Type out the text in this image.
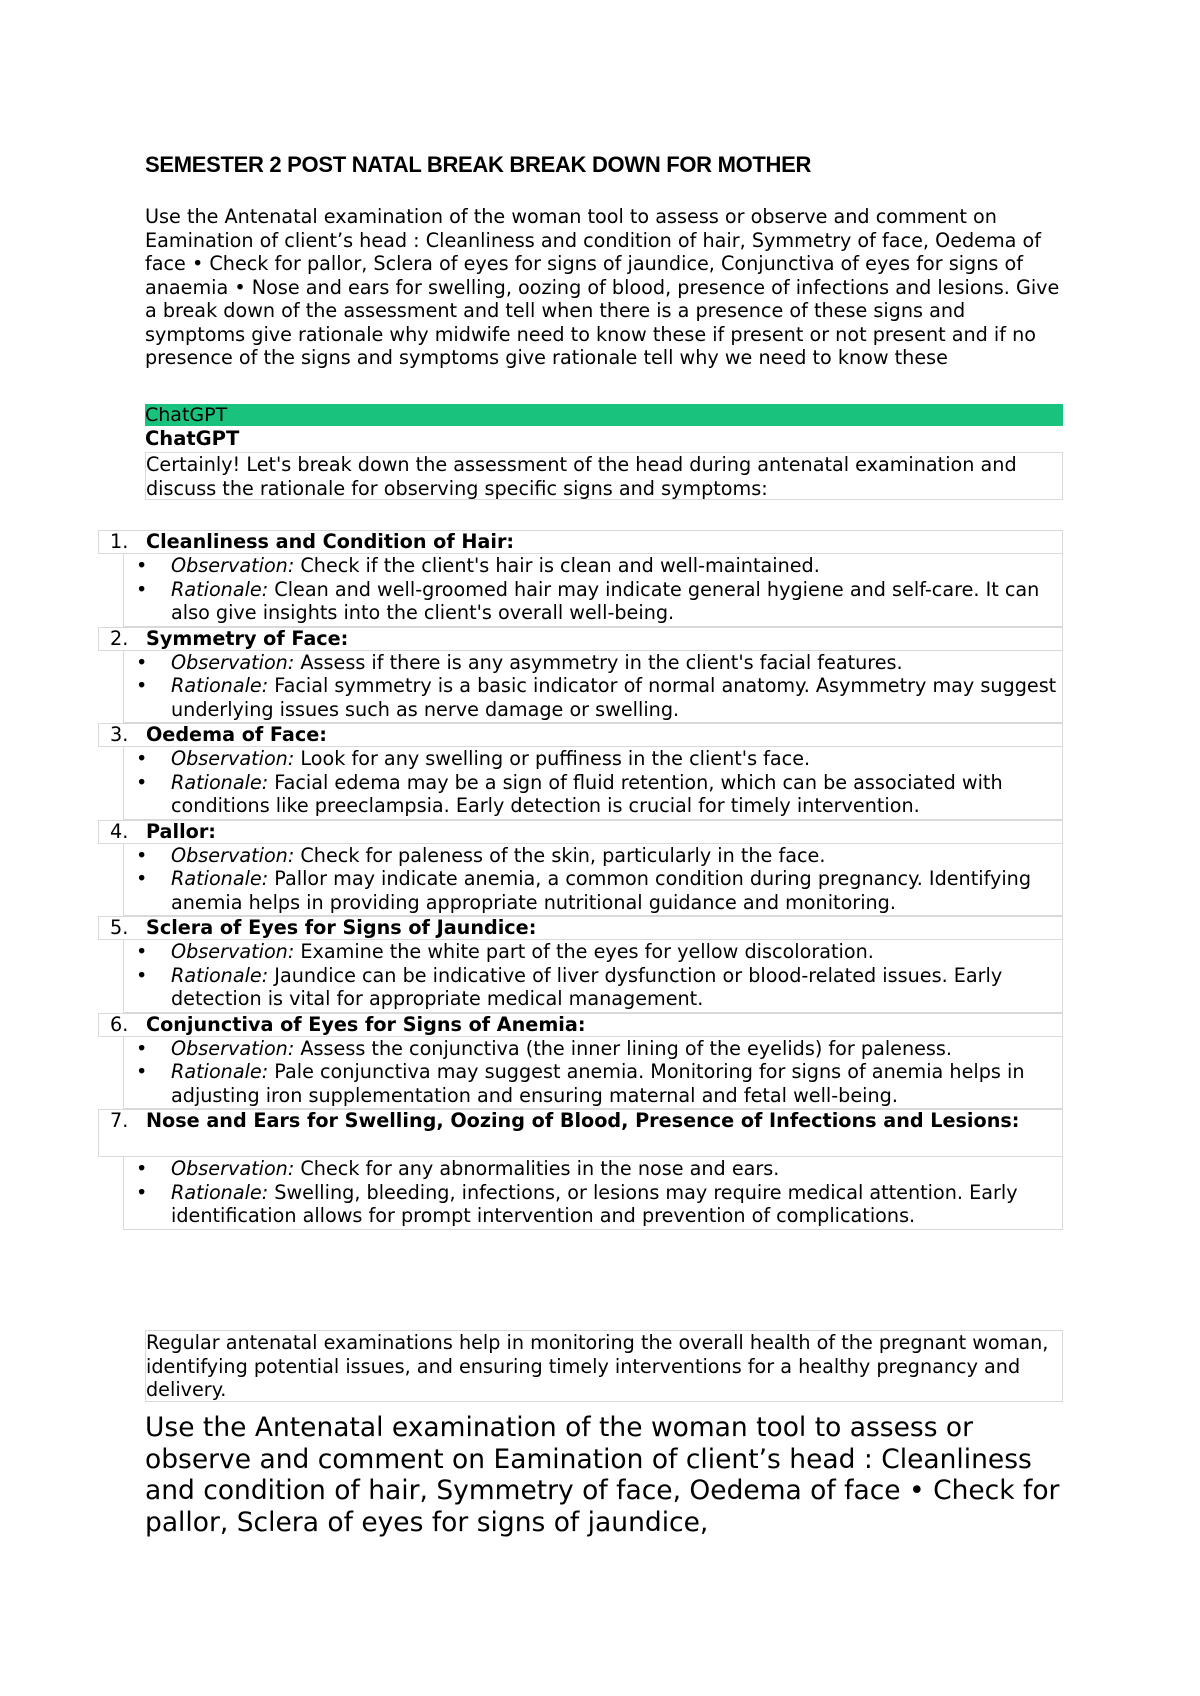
SEMESTER 2 POST NATAL BREAK BREAK DOWN FOR MOTHER
Use the Antenatal examination of the woman tool to assess or observe and comment on Eamination of client’s head : Cleanliness and condition of hair, Symmetry of face, Oedema of face • Check for pallor, Sclera of eyes for signs of jaundice, Conjunctiva of eyes for signs of anaemia • Nose and ears for swelling, oozing of blood, presence of infections and lesions. Give a break down of the assessment and tell when there is a presence of these signs and symptoms give rationale why midwife need to know these if present or not present and if no presence of the signs and symptoms give rationale tell why we need to know these
ChatGPT
ChatGPT
Certainly! Let's break down the assessment of the head during antenatal examination and discuss the rationale for observing specific signs and symptoms:
1. Cleanliness and Condition of Hair:
• Observation: Check if the client's hair is clean and well-maintained.
• Rationale: Clean and well-groomed hair may indicate general hygiene and self-care. It can also give insights into the client's overall well-being.
2. Symmetry of Face:
• Observation: Assess if there is any asymmetry in the client's facial features.
• Rationale: Facial symmetry is a basic indicator of normal anatomy. Asymmetry may suggest underlying issues such as nerve damage or swelling.
3. Oedema of Face:
• Observation: Look for any swelling or puffiness in the client's face.
• Rationale: Facial edema may be a sign of fluid retention, which can be associated with conditions like preeclampsia. Early detection is crucial for timely intervention.
4. Pallor:
• Observation: Check for paleness of the skin, particularly in the face.
• Rationale: Pallor may indicate anemia, a common condition during pregnancy. Identifying anemia helps in providing appropriate nutritional guidance and monitoring.
5. Sclera of Eyes for Signs of Jaundice:
• Observation: Examine the white part of the eyes for yellow discoloration.
• Rationale: Jaundice can be indicative of liver dysfunction or blood-related issues. Early detection is vital for appropriate medical management.
6. Conjunctiva of Eyes for Signs of Anemia:
• Observation: Assess the conjunctiva (the inner lining of the eyelids) for paleness.
• Rationale: Pale conjunctiva may suggest anemia. Monitoring for signs of anemia helps in adjusting iron supplementation and ensuring maternal and fetal well-being.
7. Nose and Ears for Swelling, Oozing of Blood, Presence of Infections and Lesions:
• Observation: Check for any abnormalities in the nose and ears.
• Rationale: Swelling, bleeding, infections, or lesions may require medical attention. Early identification allows for prompt intervention and prevention of complications.
Regular antenatal examinations help in monitoring the overall health of the pregnant woman, identifying potential issues, and ensuring timely interventions for a healthy pregnancy and delivery.
Use the Antenatal examination of the woman tool to assess or observe and comment on Eamination of client’s head : Cleanliness and condition of hair, Symmetry of face, Oedema of face • Check for pallor, Sclera of eyes for signs of jaundice,
